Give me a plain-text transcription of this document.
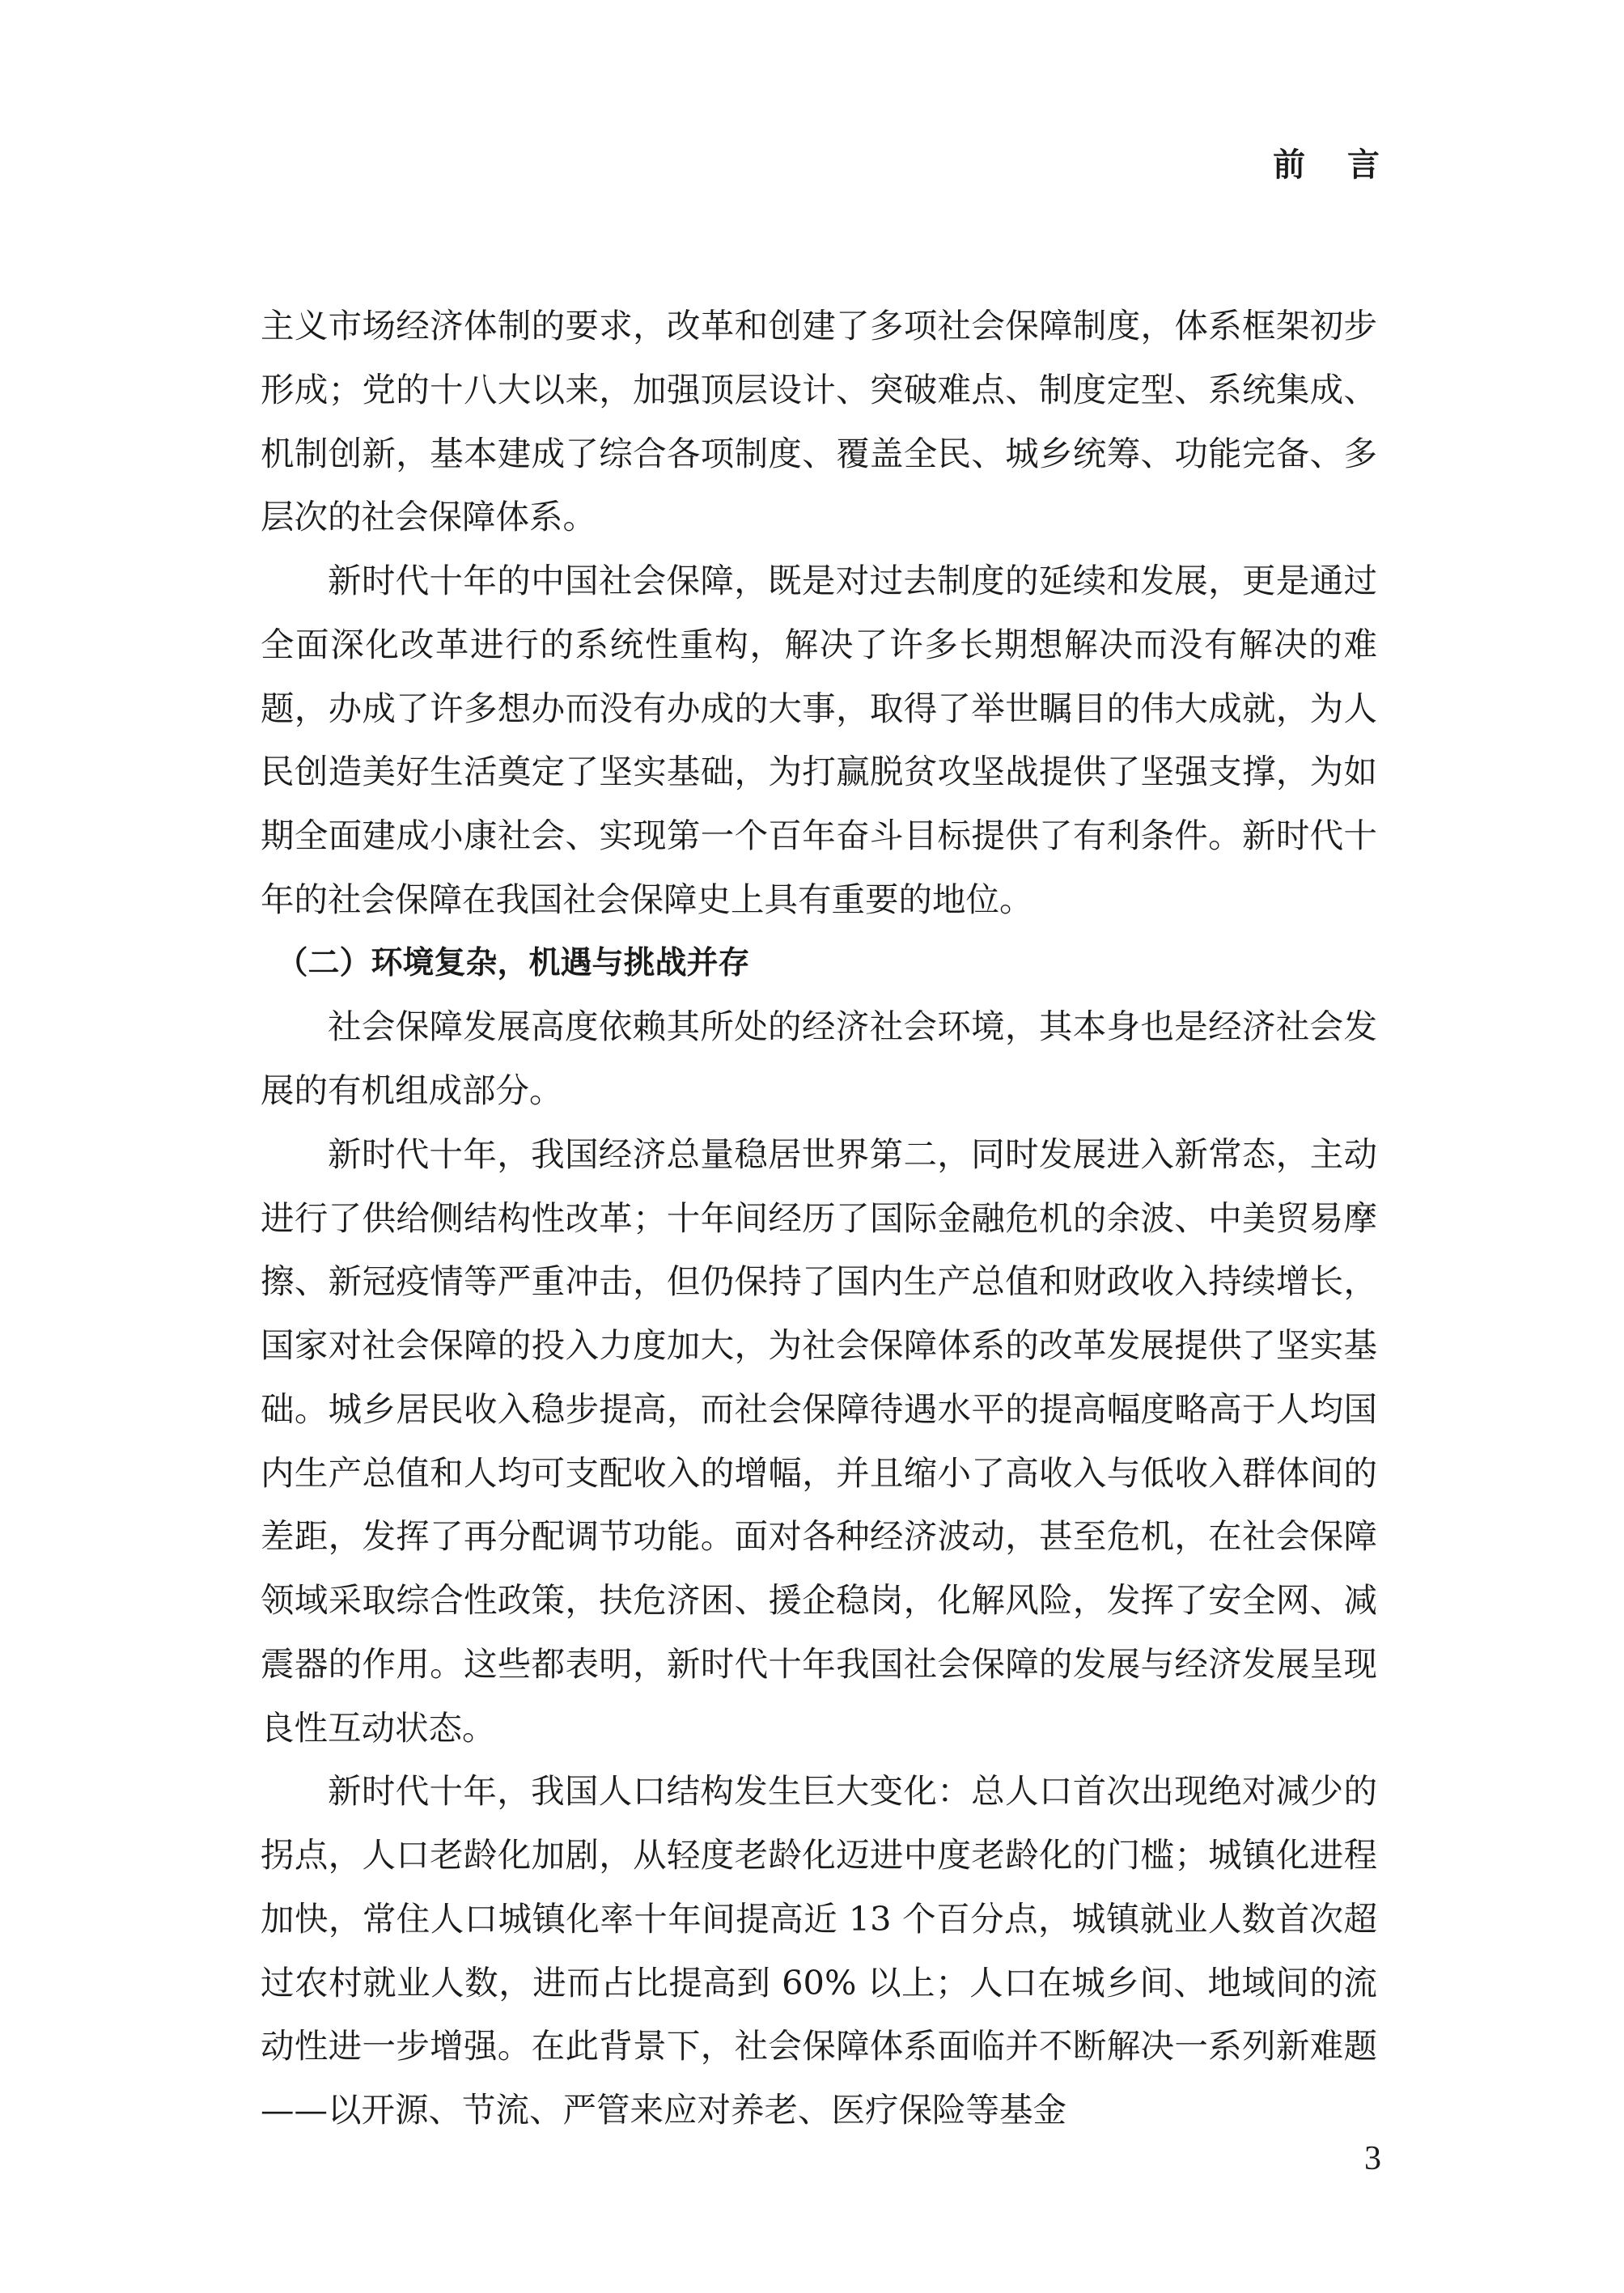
前 言

主义市场经济体制的要求，改革和创建了多项社会保障制度，体系框架初步形成；党的十八大以来，加强顶层设计、突破难点、制度定型、系统集成、机制创新，基本建成了综合各项制度、覆盖全民、城乡统筹、功能完备、多层次的社会保障体系。

新时代十年的中国社会保障，既是对过去制度的延续和发展，更是通过全面深化改革进行的系统性重构，解决了许多长期想解决而没有解决的难题，办成了许多想办而没有办成的大事，取得了举世瞩目的伟大成就，为人民创造美好生活奠定了坚实基础，为打赢脱贫攻坚战提供了坚强支撑，为如期全面建成小康社会、实现第一个百年奋斗目标提供了有利条件。新时代十年的社会保障在我国社会保障史上具有重要的地位。

（二）环境复杂，机遇与挑战并存

社会保障发展高度依赖其所处的经济社会环境，其本身也是经济社会发展的有机组成部分。

新时代十年，我国经济总量稳居世界第二，同时发展进入新常态，主动进行了供给侧结构性改革；十年间经历了国际金融危机的余波、中美贸易摩擦、新冠疫情等严重冲击，但仍保持了国内生产总值和财政收入持续增长，国家对社会保障的投入力度加大，为社会保障体系的改革发展提供了坚实基础。城乡居民收入稳步提高，而社会保障待遇水平的提高幅度略高于人均国内生产总值和人均可支配收入的增幅，并且缩小了高收入与低收入群体间的差距，发挥了再分配调节功能。面对各种经济波动，甚至危机，在社会保障领域采取综合性政策，扶危济困、援企稳岗，化解风险，发挥了安全网、减震器的作用。这些都表明，新时代十年我国社会保障的发展与经济发展呈现良性互动状态。

新时代十年，我国人口结构发生巨大变化：总人口首次出现绝对减少的拐点，人口老龄化加剧，从轻度老龄化迈进中度老龄化的门槛；城镇化进程加快，常住人口城镇化率十年间提高近 13 个百分点，城镇就业人数首次超过农村就业人数，进而占比提高到 60% 以上；人口在城乡间、地域间的流动性进一步增强。在此背景下，社会保障体系面临并不断解决一系列新难题——以开源、节流、严管来应对养老、医疗保险等基金

3
